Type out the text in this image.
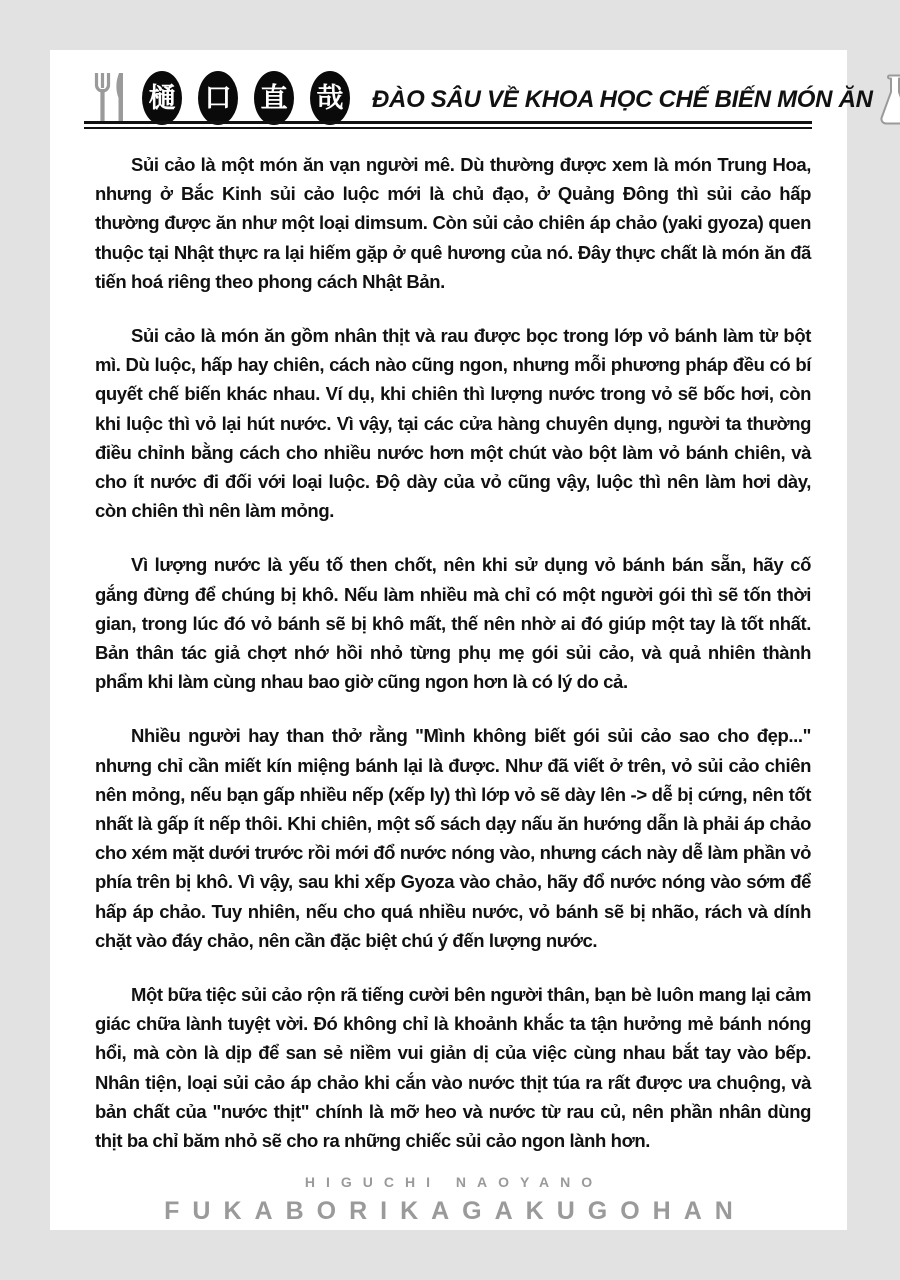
樋 口 直 哉 ĐÀO SÂU VỀ KHOA HỌC CHẾ BIẾN MÓN ĂN

Sủi cảo là một món ăn vạn người mê. Dù thường được xem là món Trung Hoa, nhưng ở Bắc Kinh sủi cảo luộc mới là chủ đạo, ở Quảng Đông thì sủi cảo hấp thường được ăn như một loại dimsum. Còn sủi cảo chiên áp chảo (yaki gyoza) quen thuộc tại Nhật thực ra lại hiếm gặp ở quê hương của nó. Đây thực chất là món ăn đã tiến hoá riêng theo phong cách Nhật Bản.

Sủi cảo là món ăn gồm nhân thịt và rau được bọc trong lớp vỏ bánh làm từ bột mì. Dù luộc, hấp hay chiên, cách nào cũng ngon, nhưng mỗi phương pháp đều có bí quyết chế biến khác nhau. Ví dụ, khi chiên thì lượng nước trong vỏ sẽ bốc hơi, còn khi luộc thì vỏ lại hút nước. Vì vậy, tại các cửa hàng chuyên dụng, người ta thường điều chỉnh bằng cách cho nhiều nước hơn một chút vào bột làm vỏ bánh chiên, và cho ít nước đi đối với loại luộc. Độ dày của vỏ cũng vậy, luộc thì nên làm hơi dày, còn chiên thì nên làm mỏng.

Vì lượng nước là yếu tố then chốt, nên khi sử dụng vỏ bánh bán sẵn, hãy cố gắng đừng để chúng bị khô. Nếu làm nhiều mà chỉ có một người gói thì sẽ tốn thời gian, trong lúc đó vỏ bánh sẽ bị khô mất, thế nên nhờ ai đó giúp một tay là tốt nhất. Bản thân tác giả chợt nhớ hồi nhỏ từng phụ mẹ gói sủi cảo, và quả nhiên thành phẩm khi làm cùng nhau bao giờ cũng ngon hơn là có lý do cả.

Nhiều người hay than thở rằng "Mình không biết gói sủi cảo sao cho đẹp..." nhưng chỉ cần miết kín miệng bánh lại là được. Như đã viết ở trên, vỏ sủi cảo chiên nên mỏng, nếu bạn gấp nhiều nếp (xếp ly) thì lớp vỏ sẽ dày lên -> dễ bị cứng, nên tốt nhất là gấp ít nếp thôi. Khi chiên, một số sách dạy nấu ăn hướng dẫn là phải áp chảo cho xém mặt dưới trước rồi mới đổ nước nóng vào, nhưng cách này dễ làm phần vỏ phía trên bị khô. Vì vậy, sau khi xếp Gyoza vào chảo, hãy đổ nước nóng vào sớm để hấp áp chảo. Tuy nhiên, nếu cho quá nhiều nước, vỏ bánh sẽ bị nhão, rách và dính chặt vào đáy chảo, nên cần đặc biệt chú ý đến lượng nước.

Một bữa tiệc sủi cảo rộn rã tiếng cười bên người thân, bạn bè luôn mang lại cảm giác chữa lành tuyệt vời. Đó không chỉ là khoảnh khắc ta tận hưởng mẻ bánh nóng hổi, mà còn là dịp để san sẻ niềm vui giản dị của việc cùng nhau bắt tay vào bếp. Nhân tiện, loại sủi cảo áp chảo khi cắn vào nước thịt túa ra rất được ưa chuộng, và bản chất của "nước thịt" chính là mỡ heo và nước từ rau củ, nên phần nhân dùng thịt ba chỉ băm nhỏ sẽ cho ra những chiếc sủi cảo ngon lành hơn.

HIGUCHI NAOYANO
FUKABORIKAGAKUGOHAN
